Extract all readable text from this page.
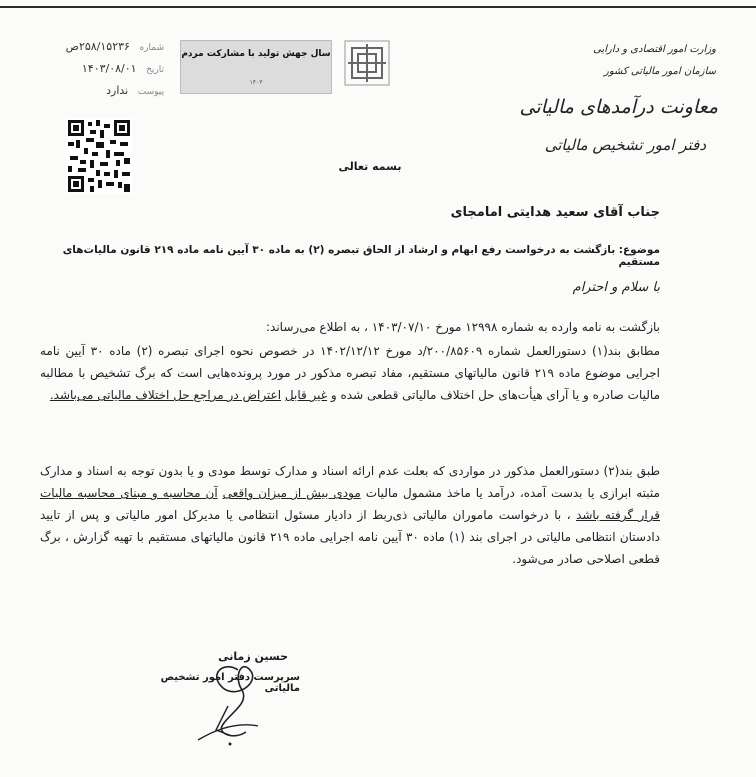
شماره ۲۵۸/۱۵۲۳۶ص
تاریخ ۱۴۰۳/۰۸/۰۱
پیوست ندارد
سال جهش تولید با مشارکت مردم
۱۴۰۳
وزارت امور اقتصادی و دارایی
سازمان امور مالیاتی کشور
معاونت درآمدهای مالیاتی
دفتر امور تشخیص مالیاتی
بسمه تعالی
جناب آقای سعید هدایتی امامجای
موضوع: بازگشت به درخواست رفع ابهام و ارشاد از الحاق تبصره (۲) به ماده ۳۰ آیین نامه ماده ۲۱۹ قانون مالیات‌های مستقیم
با سلام و احترام
بازگشت به نامه وارده به شماره ۱۲۹۹۸ مورخ ۱۴۰۳/۰۷/۱۰ ، به اطلاع می‌رساند:
مطابق بند(۱) دستورالعمل شماره ۲۰۰/۸۵۶۰۹/د مورخ ۱۴۰۲/۱۲/۱۲ در خصوص نحوه اجرای تبصره (۲) ماده ۳۰ آیین نامه اجرایی موضوع ماده ۲۱۹ قانون مالیاتهای مستقیم، مفاد تبصره مذکور در مورد پرونده‌هایی است که برگ تشخیص با مطالبه مالیات صادره و یا آرای هیأت‌های حل اختلاف مالیاتی قطعی شده و غیر قابل اعتراض در مراجع حل اختلاف مالیاتی می‌باشد.
طبق بند(۲) دستورالعمل مذکور در مواردی که بعلت عدم ارائه اسناد و مدارک توسط مودی و یا بدون توجه به اسناد و مدارک مثبته ابرازی یا بدست آمده، درآمد یا ماخذ مشمول مالیات مودی بیش از میزان واقعی آن محاسبه و مبنای محاسبه مالیات قرار گرفته باشد ، با درخواست ماموران مالیاتی ذی‌ربط از دادیار مسئول انتظامی یا مدیرکل امور مالیاتی و پس از تایید دادستان انتظامی مالیاتی در اجرای بند (۱) ماده ۳۰ آیین نامه اجرایی ماده ۲۱۹ قانون مالیاتهای مستقیم با تهیه گزارش ، برگ قطعی اصلاحی صادر می‌شود.
حسین زمانی
سرپرست دفتر امور تشخیص مالیاتی
